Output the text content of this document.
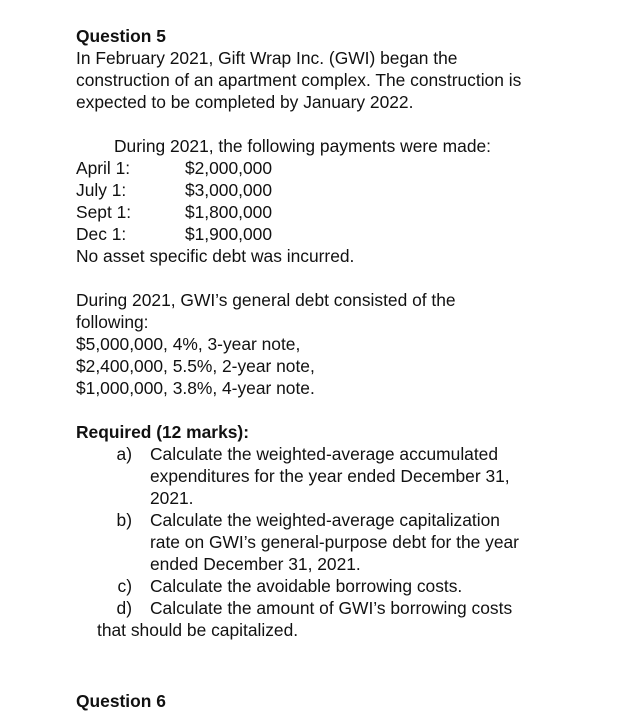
Question 5
In February 2021, Gift Wrap Inc. (GWI) began the
construction of an apartment complex. The construction is
expected to be completed by January 2022.
During 2021, the following payments were made:
April 1:	$2,000,000
July 1:	$3,000,000
Sept 1:	$1,800,000
Dec 1:	$1,900,000
No asset specific debt was incurred.
During 2021, GWI’s general debt consisted of the
following:
$5,000,000, 4%, 3-year note,
$2,400,000, 5.5%, 2-year note,
$1,000,000, 3.8%, 4-year note.
Required (12 marks):
a)	Calculate the weighted-average accumulated
expenditures for the year ended December 31,
2021.
b)	Calculate the weighted-average capitalization
rate on GWI’s general-purpose debt for the year
ended December 31, 2021.
c)	Calculate the avoidable borrowing costs.
d)	Calculate the amount of GWI’s borrowing costs
that should be capitalized.
Question 6
